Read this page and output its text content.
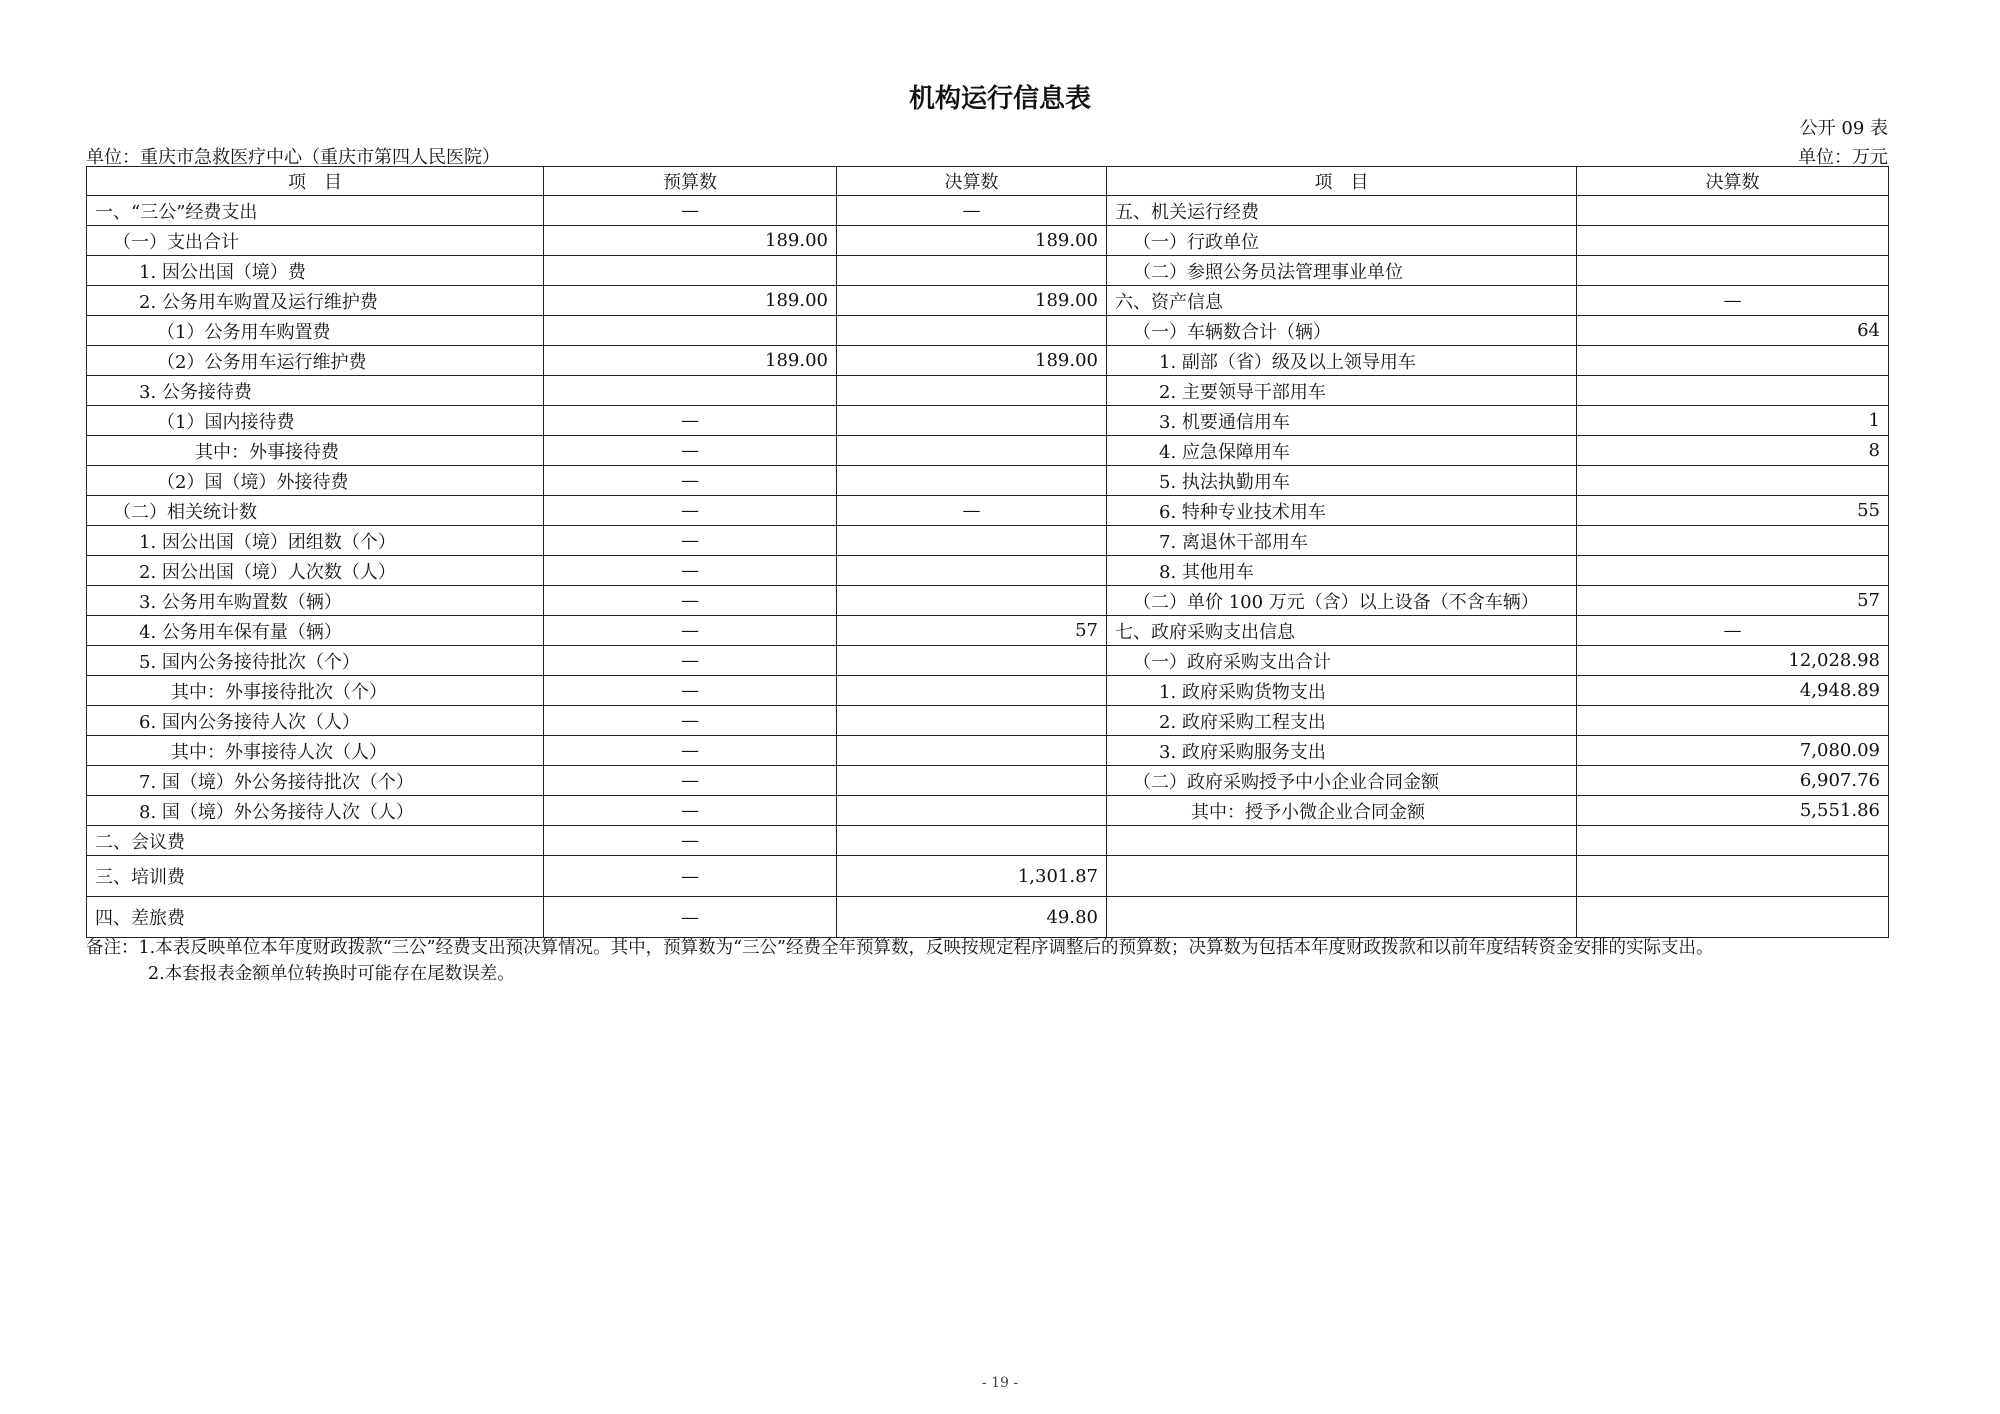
机构运行信息表
公开 09 表
单位：重庆市急救医疗中心（重庆市第四人民医院）	单位：万元
项　目	预算数	决算数	项　目	决算数
一、“三公”经费支出	—	—	五、机关运行经费	
（一）支出合计	189.00	189.00	（一）行政单位	
1. 因公出国（境）费			（二）参照公务员法管理事业单位	
2. 公务用车购置及运行维护费	189.00	189.00	六、资产信息	—
（1）公务用车购置费			（一）车辆数合计（辆）	64
（2）公务用车运行维护费	189.00	189.00	1. 副部（省）级及以上领导用车	
3. 公务接待费			2. 主要领导干部用车	
（1）国内接待费	—		3. 机要通信用车	1
其中：外事接待费	—		4. 应急保障用车	8
（2）国（境）外接待费	—		5. 执法执勤用车	
（二）相关统计数	—	—	6. 特种专业技术用车	55
1. 因公出国（境）团组数（个）	—		7. 离退休干部用车	
2. 因公出国（境）人次数（人）	—		8. 其他用车	
3. 公务用车购置数（辆）	—		（二）单价 100 万元（含）以上设备（不含车辆）	57
4. 公务用车保有量（辆）	—	57	七、政府采购支出信息	—
5. 国内公务接待批次（个）	—		（一）政府采购支出合计	12,028.98
其中：外事接待批次（个）	—		1. 政府采购货物支出	4,948.89
6. 国内公务接待人次（人）	—		2. 政府采购工程支出	
其中：外事接待人次（人）	—		3. 政府采购服务支出	7,080.09
7. 国（境）外公务接待批次（个）	—		（二）政府采购授予中小企业合同金额	6,907.76
8. 国（境）外公务接待人次（人）	—		其中：授予小微企业合同金额	5,551.86
二、会议费	—			
三、培训费	—	1,301.87		
四、差旅费	—	49.80		
备注：1.本表反映单位本年度财政拨款“三公”经费支出预决算情况。其中，预算数为“三公”经费全年预算数，反映按规定程序调整后的预算数；决算数为包括本年度财政拨款和以前年度结转资金安排的实际支出。
2.本套报表金额单位转换时可能存在尾数误差。
- 19 -
